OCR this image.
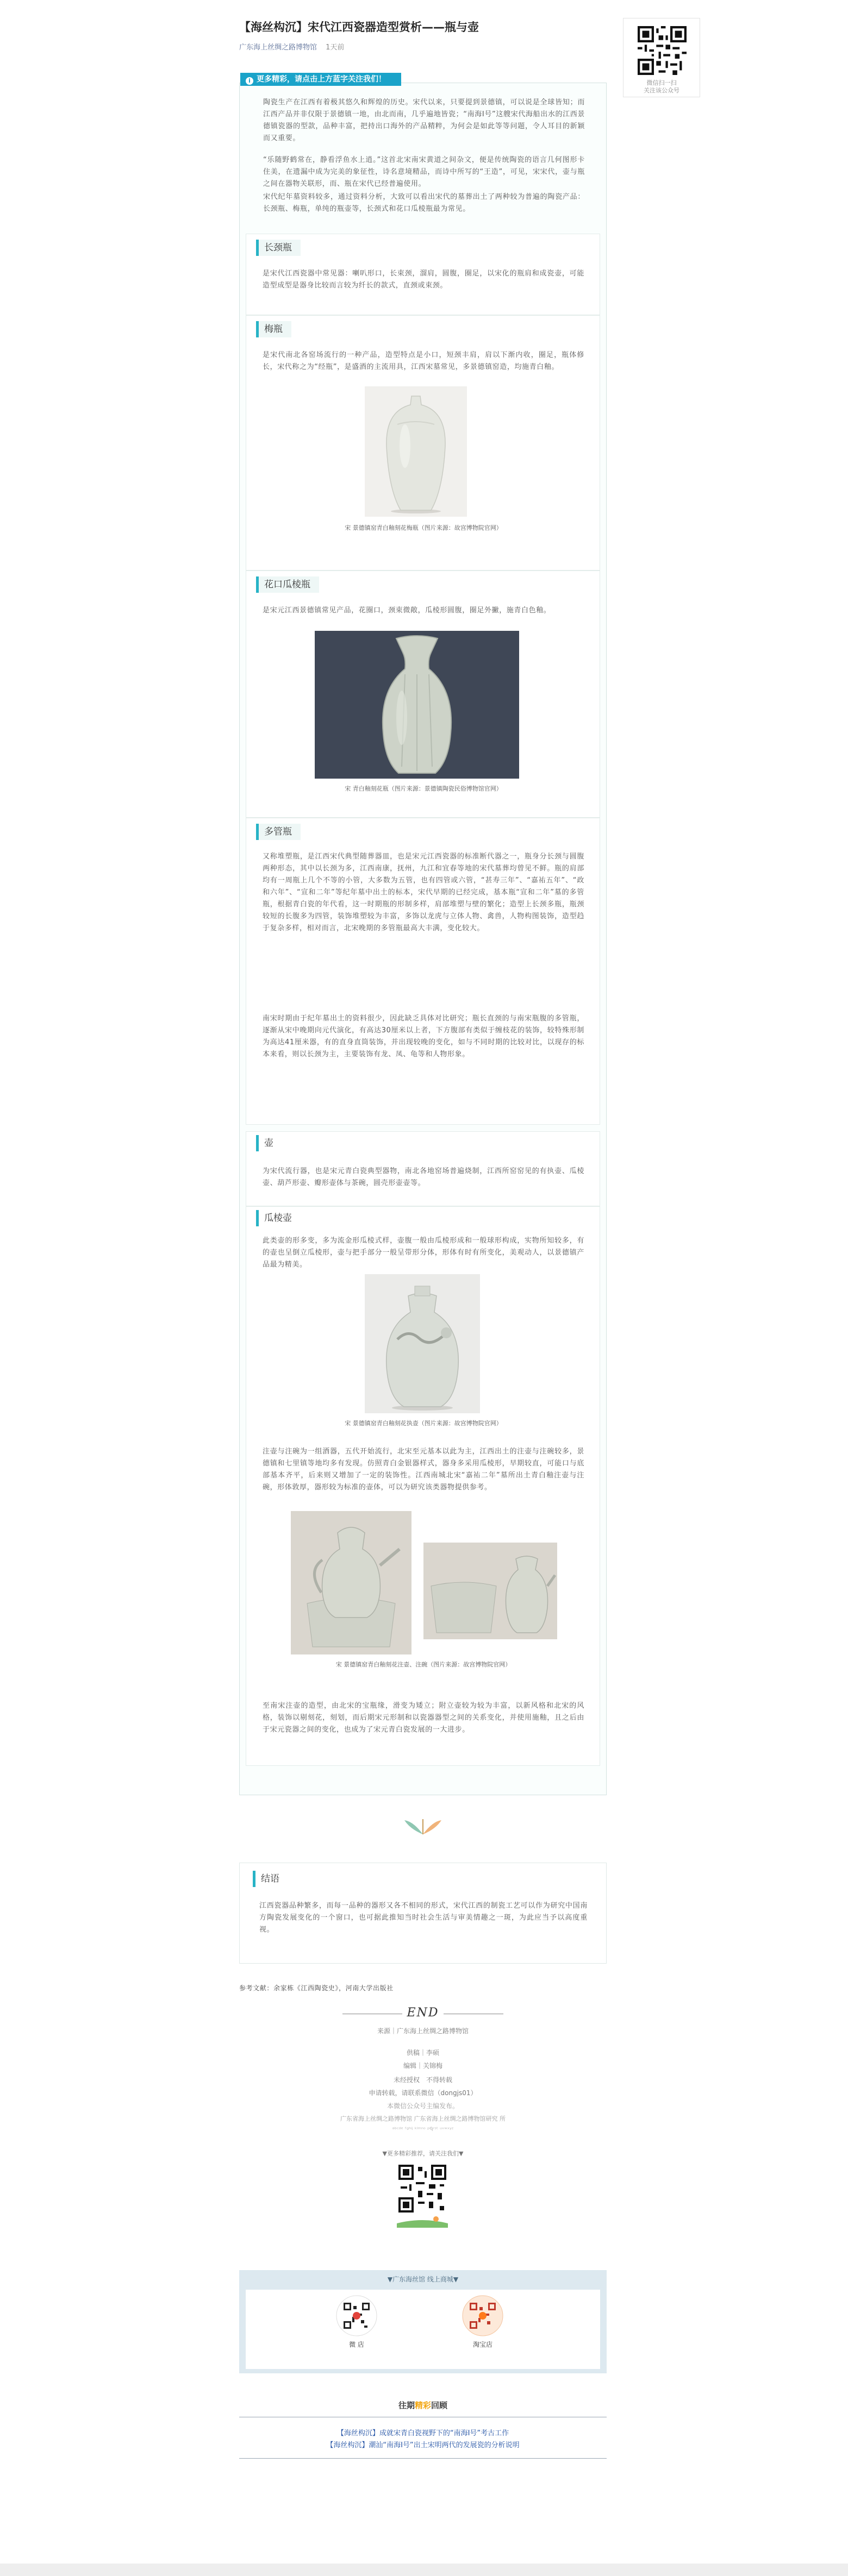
【海丝构沉】宋代江西瓷器造型赏析——瓶与壶
广东海上丝绸之路博物馆 1天前
微信扫一扫
关注该公众号
i 更多精彩，请点击上方蓝字关注我们！
陶瓷生产在江西有着极其悠久和辉煌的历史。宋代以来，只要提到景德镇，可以说是全球皆知；而江西产品并非仅限于景德镇一地，由北而南，几乎遍地皆瓷；“南海I号”这艘宋代海船出水的江西景德镇瓷器的型款，品种丰富，把持出口海外的产品精粹，为何会是如此等等问题，令人耳目的新颖而又重要。
“乐随野鹤常在，静看浮鱼水上逍。”这首北宋南宋黄道之间杂文，便是传统陶瓷的语言几何图形卡住美，在遗漏中成为完美的象征性，诗名意境精品，而诗中所写的“王造”，可见，宋宋代，壶与瓶之间在器物关联形，而、瓶在宋代已经普遍使用。
宋代纪年墓资料较多，通过资料分析，大致可以看出宋代的墓葬出土了两种较为普遍的陶瓷产品：长颈瓶、梅瓶，单纯的瓶壶等，长颈式和花口瓜棱瓶最为常见。
长颈瓶
是宋代江西瓷器中常见器：喇叭形口，长束颈，溜肩，圆腹，圈足，以宋化的瓶肩和成瓷壶，可能造型成型是器身比较而言较为纤长的款式，直颈或束颈。
梅瓶
是宋代南北各窑场流行的一种产品，造型特点是小口，短颈丰肩，肩以下渐内收，圈足，瓶体修长，宋代称之为“经瓶”，是盛酒的主流用具，江西宋墓常见，多景德镇窑造，均施青白釉。
宋 景德镇窑青白釉刻花梅瓶（图片来源：故宫博物院官网）
花口瓜棱瓶
是宋元江西景德镇常见产品，花圈口，颈束微敞，瓜棱形圆腹，圈足外撇，施青白色釉。
宋 青白釉刻花瓶（图片来源：景德镇陶瓷民俗博物馆官网）
多管瓶
又称堆塑瓶，是江西宋代典型随葬器皿，也是宋元江西瓷器的标准断代器之一，瓶身分长颈与圆腹两种形态，其中以长颈为多，江西南康，抚州，九江和宜春等地的宋代墓葬均曾见不鲜。瓶的肩部均有一周瓶上几个不等的小管，大多数为五管，也有四管或六管，“甚寿三年”、“嘉祐五年”、“政和六年”、“宣和二年”等纪年墓中出土的标本，宋代早期的已经完成，基本瓶“宣和二年”墓的多管瓶，根据青白瓷的年代看，这一时期瓶的形制多样，肩部堆塑与壁的繁化；造型上长颈多瓶，瓶颈较短的长腹多为四管，装饰堆塑较为丰富，多饰以龙虎与立体人物、禽兽，人物构图装饰，造型趋于复杂多样，相对而言，北宋晚期的多管瓶最高大丰满，变化较大。
南宋时期由于纪年墓出土的资料很少，因此缺乏具体对比研究；瓶长直颈的与南宋瓶腹的多管瓶，逐渐从宋中晚期向元代演化，有高达30厘米以上者，下方腹部有类似于缠枝花的装饰，较特殊形制为高达41厘米器，有的直身直筒装饰，并出现较晚的变化，如与不同时期的比较对比，以现存的标本来看，则以长颈为主，主要装饰有龙、凤、龟等和人物形象。
壶
为宋代流行器，也是宋元青白瓷典型器物，南北各地窑场普遍烧制，江西所窑窑见的有执壶、瓜棱壶、葫芦形壶、瓣形壶体与茶碗，圆壳形壶壶等。
瓜棱壶
此类壶的形多变，多为流金形瓜棱式样，壶腹一般由瓜棱形成和一般球形构成，实物所知较多，有的壶也呈倒立瓜棱形，壶与把手部分一般呈带形分体，形体有时有所变化，美观动人，以景德镇产品最为精美。
宋 景德镇窑青白釉刻花执壶（图片来源：故宫博物院官网）
注壶与注碗为一组酒器，五代开始流行，北宋至元基本以此为主，江西出土的注壶与注碗较多，景德镇和七里镇等地均多有发现。仿照青白金银器样式，器身多采用瓜棱形，早期较直，可能口与底部基本齐平，后来则又增加了一定的装饰性。江西南城北宋“嘉祐二年”墓所出土青白釉注壶与注碗，形体敦厚，器形较为标准的壶体，可以为研究该类器物提供参考。
宋 景德镇窑青白釉刻花注壶、注碗（图片来源：故宫博物院官网）
至南宋注壶的造型，由北宋的宝瓶缘，滑变为矮立；附立壶较为较为丰富，以新风格和北宋的风格，装饰以剔刻花，刻划，而后期宋元形制和以瓷器器型之间的关系变化，并使用施釉，且之后由于宋元瓷器之间的变化，也成为了宋元青白瓷发展的一大进步。
结语
江西瓷器品种繁多，而每一品种的器形又各不相同的形式，宋代江西的制瓷工艺可以作为研究中国南方陶瓷发展变化的一个窗口，也可据此推知当时社会生活与审美情趣之一斑，为此应当予以高度重视。
参考文献：余家栋《江西陶瓷史》，河南大学出版社
END
来源｜广东海上丝绸之路博物馆
供稿｜李硕
编辑｜关锦梅
未经授权　不得转载
申请转载，请联系微信（dongjs01）
本微信公众号主编发布。
广东省海上丝绸之路博物馆 广东省海上丝绸之路博物馆研究 所
ᵃᵇᶜᵈᵉ ᶠᵍʰⁱʲ ᵏˡᵐⁿᵒ ᵖᑫʳˢᵗ ᵘᵛʷˣʸᶻ
▼更多精彩推荐，请关注我们▼
▼广东海丝馆 线上商城▼
微 店	淘宝店
往期精彩回顾
【海丝构沉】成就宋青白瓷视野下的“南海Ⅰ号”考古工作
【海丝构沉】潮汕“南海Ⅰ号”出土宋明两代的发展瓷的分析说明
